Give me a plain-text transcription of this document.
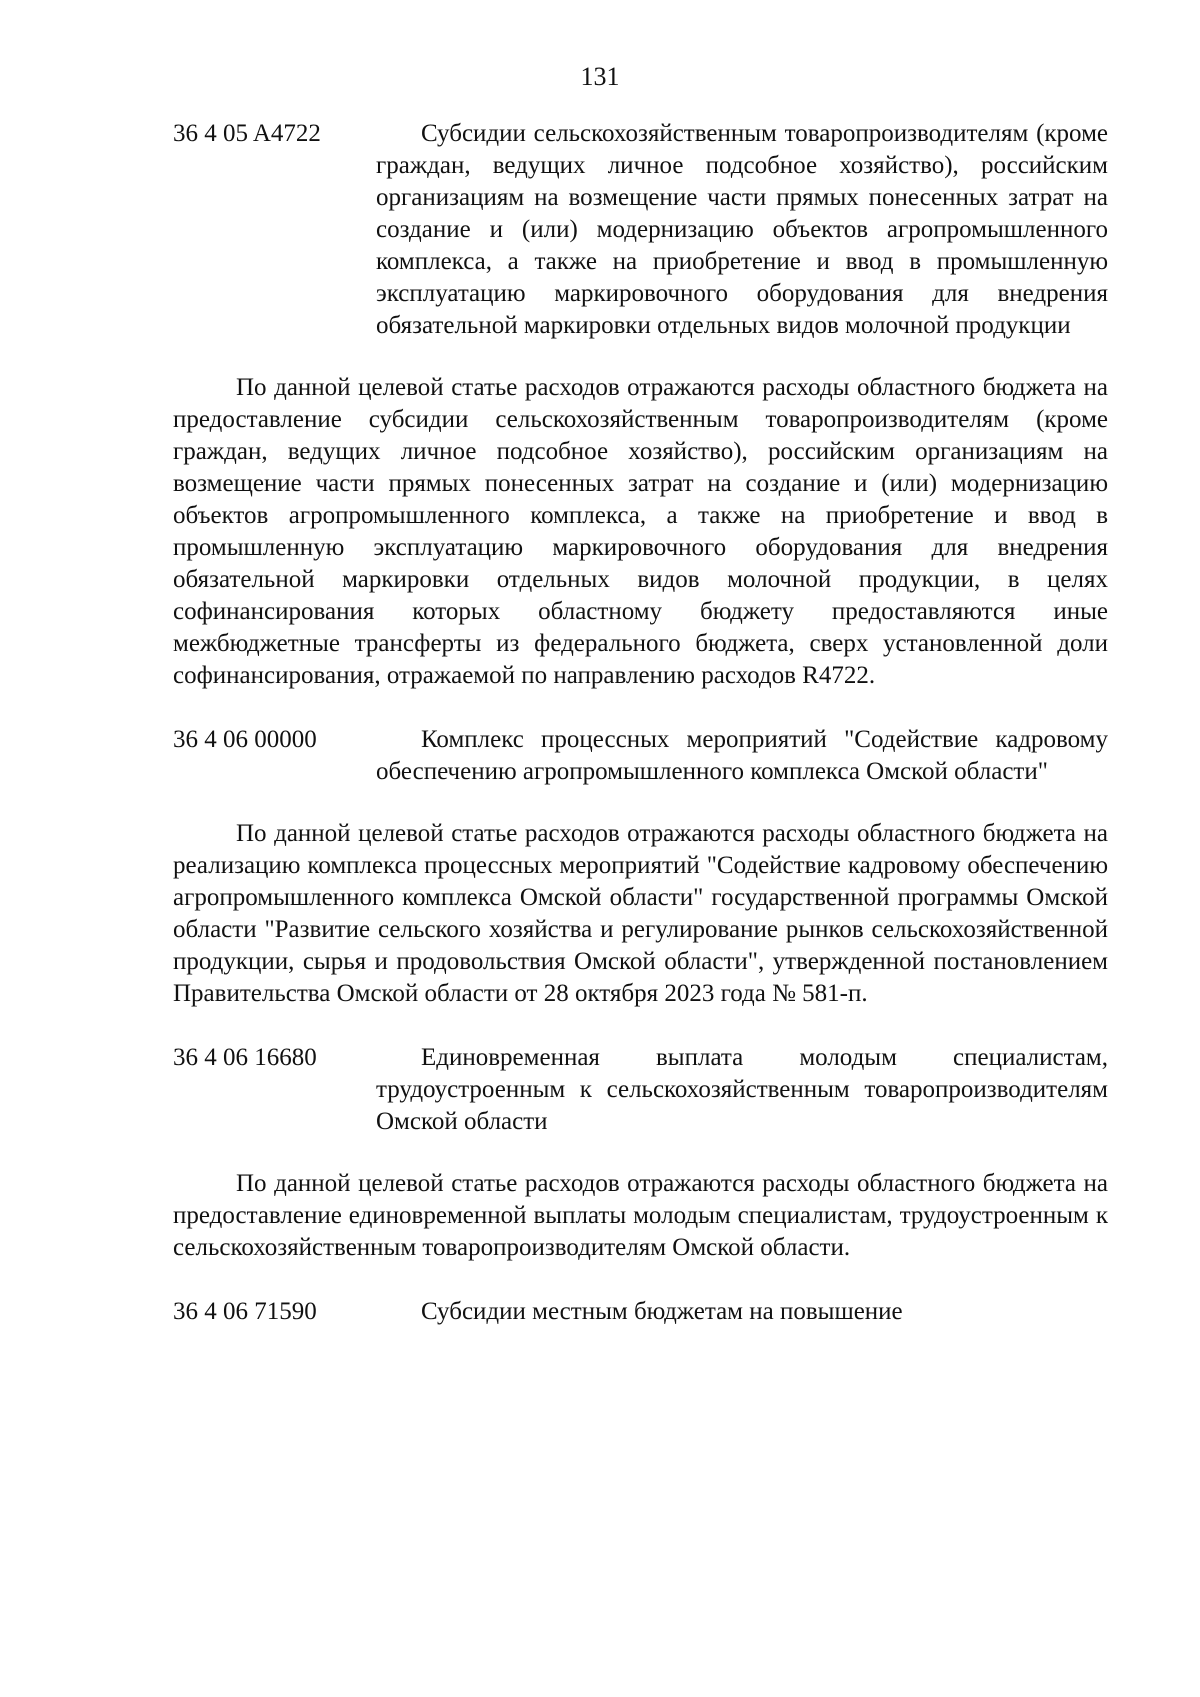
131
36 4 05 A4722	Субсидии сельскохозяйственным товаропроизводителям (кроме граждан, ведущих личное подсобное хозяйство), российским организациям на возмещение части прямых понесенных затрат на создание и (или) модернизацию объектов агропромышленного комплекса, а также на приобретение и ввод в промышленную эксплуатацию маркировочного оборудования для внедрения обязательной маркировки отдельных видов молочной продукции

По данной целевой статье расходов отражаются расходы областного бюджета на предоставление субсидии сельскохозяйственным товаропроизводителям (кроме граждан, ведущих личное подсобное хозяйство), российским организациям на возмещение части прямых понесенных затрат на создание и (или) модернизацию объектов агропромышленного комплекса, а также на приобретение и ввод в промышленную эксплуатацию маркировочного оборудования для внедрения обязательной маркировки отдельных видов молочной продукции, в целях софинансирования которых областному бюджету предоставляются иные межбюджетные трансферты из федерального бюджета, сверх установленной доли софинансирования, отражаемой по направлению расходов R4722.

36 4 06 00000	Комплекс процессных мероприятий "Содействие кадровому обеспечению агропромышленного комплекса Омской области"

По данной целевой статье расходов отражаются расходы областного бюджета на реализацию комплекса процессных мероприятий "Содействие кадровому обеспечению агропромышленного комплекса Омской области" государственной программы Омской области "Развитие сельского хозяйства и регулирование рынков сельскохозяйственной продукции, сырья и продовольствия Омской области", утвержденной постановлением Правительства Омской области от 28 октября 2023 года № 581-п.

36 4 06 16680	Единовременная выплата молодым специалистам, трудоустроенным к сельскохозяйственным товаропроизводителям Омской области

По данной целевой статье расходов отражаются расходы областного бюджета на предоставление единовременной выплаты молодым специалистам, трудоустроенным к сельскохозяйственным товаропроизводителям Омской области.

36 4 06 71590	Субсидии местным бюджетам на повышение
